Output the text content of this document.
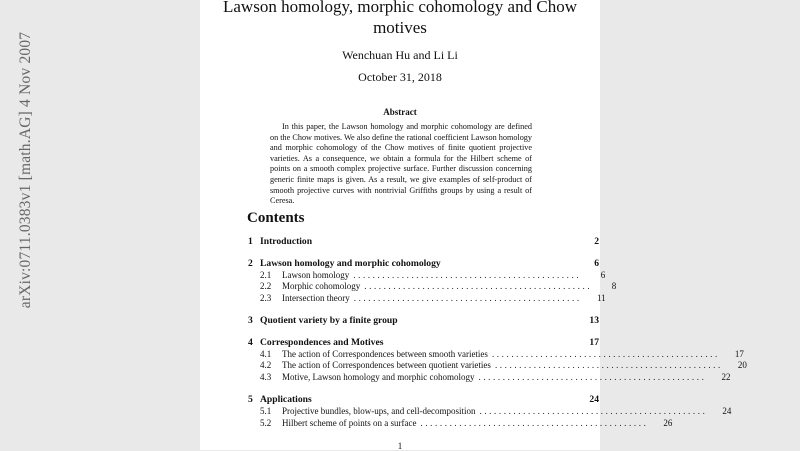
arXiv:0711.0383v1 [math.AG] 4 Nov 2007
Lawson homology, morphic cohomology and Chow motives
Wenchuan Hu and Li Li
October 31, 2018
Abstract
In this paper, the Lawson homology and morphic cohomology are defined on the Chow motives. We also define the rational coefficient Lawson homology and morphic cohomology of the Chow motives of finite quotient projective varieties. As a consequence, we obtain a formula for the Hilbert scheme of points on a smooth complex projective surface. Further discussion concerning generic finite maps is given. As a result, we give examples of self-product of smooth projective curves with nontrivial Griffiths groups by using a result of Ceresa.
Contents
1 Introduction	2
2 Lawson homology and morphic cohomology	6
2.1	Lawson homology ...............................................	6
2.2	Morphic cohomology ...............................................	8
2.3	Intersection theory ...............................................	11
3 Quotient variety by a finite group	13
4 Correspondences and Motives	17
4.1	The action of Correspondences between smooth varieties ...............................................	17
4.2	The action of Correspondences between quotient varieties ...............................................	20
4.3	Motive, Lawson homology and morphic cohomology ...............................................	22
5 Applications	24
5.1	Projective bundles, blow-ups, and cell-decomposition ...............................................	24
5.2	Hilbert scheme of points on a surface ...............................................	26
1
